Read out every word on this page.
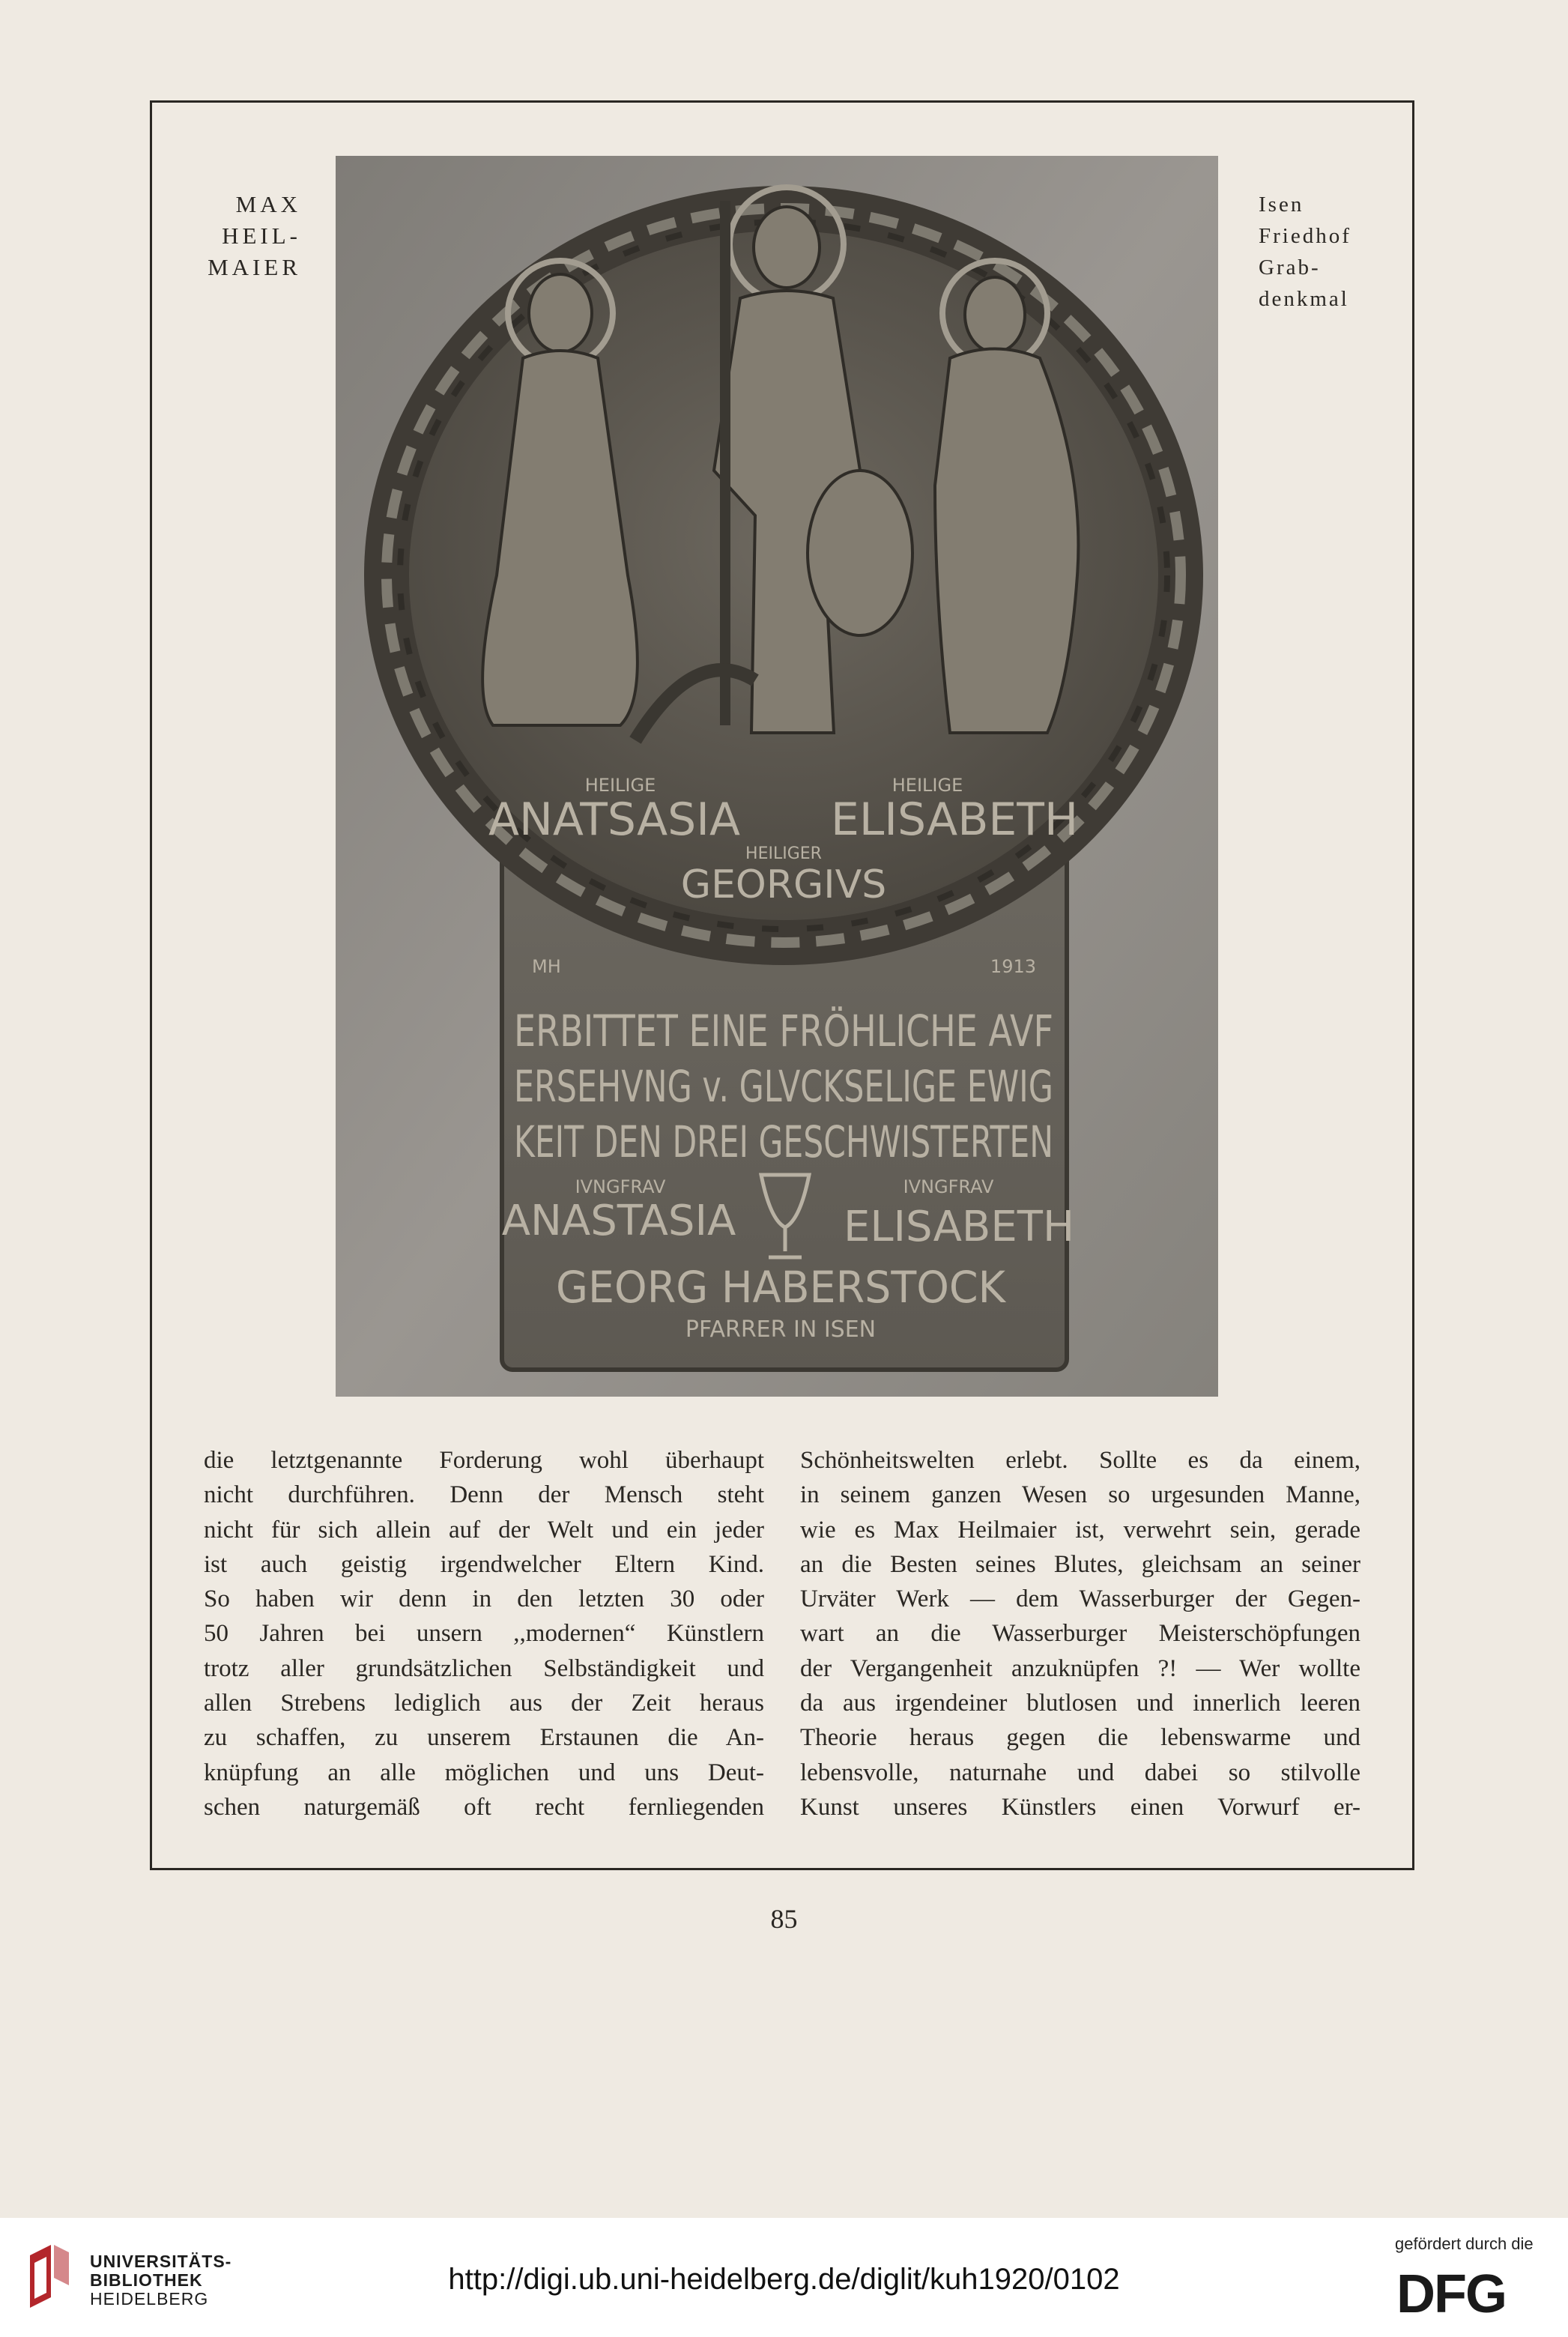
MAX
HEIL-
MAIER
Isen
Friedhof
Grab-
denkmal
HEILIGE	HEILIGE
ANATSASIA ELISABETH
HEILIGER
GEORGIVS
MH	1913
ERBITTET EINE FRÖHLICHE AVF
ERSEHVNG v. GLVCKSELIGE EWIG
KEIT DEN DREI GESCHWISTERTEN
IVNGFRAV	IVNGFRAV
ANASTASIA	ELISABETH
GEORG HABERSTOCK
PFARRER IN ISEN
die letztgenannte Forderung wohl überhaupt
nicht durchführen. Denn der Mensch steht
nicht für sich allein auf der Welt und ein jeder
ist auch geistig irgendwelcher Eltern Kind.
So haben wir denn in den letzten 30 oder
50 Jahren bei unsern ,,modernen“ Künstlern
trotz aller grundsätzlichen Selbständigkeit und
allen Strebens lediglich aus der Zeit heraus
zu schaffen, zu unserem Erstaunen die An-
knüpfung an alle möglichen und uns Deut-
schen naturgemäß oft recht fernliegenden
Schönheitswelten erlebt. Sollte es da einem,
in seinem ganzen Wesen so urgesunden Manne,
wie es Max Heilmaier ist, verwehrt sein, gerade
an die Besten seines Blutes, gleichsam an seiner
Urväter Werk — dem Wasserburger der Gegen-
wart an die Wasserburger Meisterschöpfungen
der Vergangenheit anzuknüpfen ?! — Wer wollte
da aus irgendeiner blutlosen und innerlich leeren
Theorie heraus gegen die lebenswarme und
lebensvolle, naturnahe und dabei so stilvolle
Kunst unseres Künstlers einen Vorwurf er-
85
UNIVERSITÄTS-
BIBLIOTHEK
HEIDELBERG
http://digi.ub.uni-heidelberg.de/diglit/kuh1920/0102
gefördert durch die
DFG
